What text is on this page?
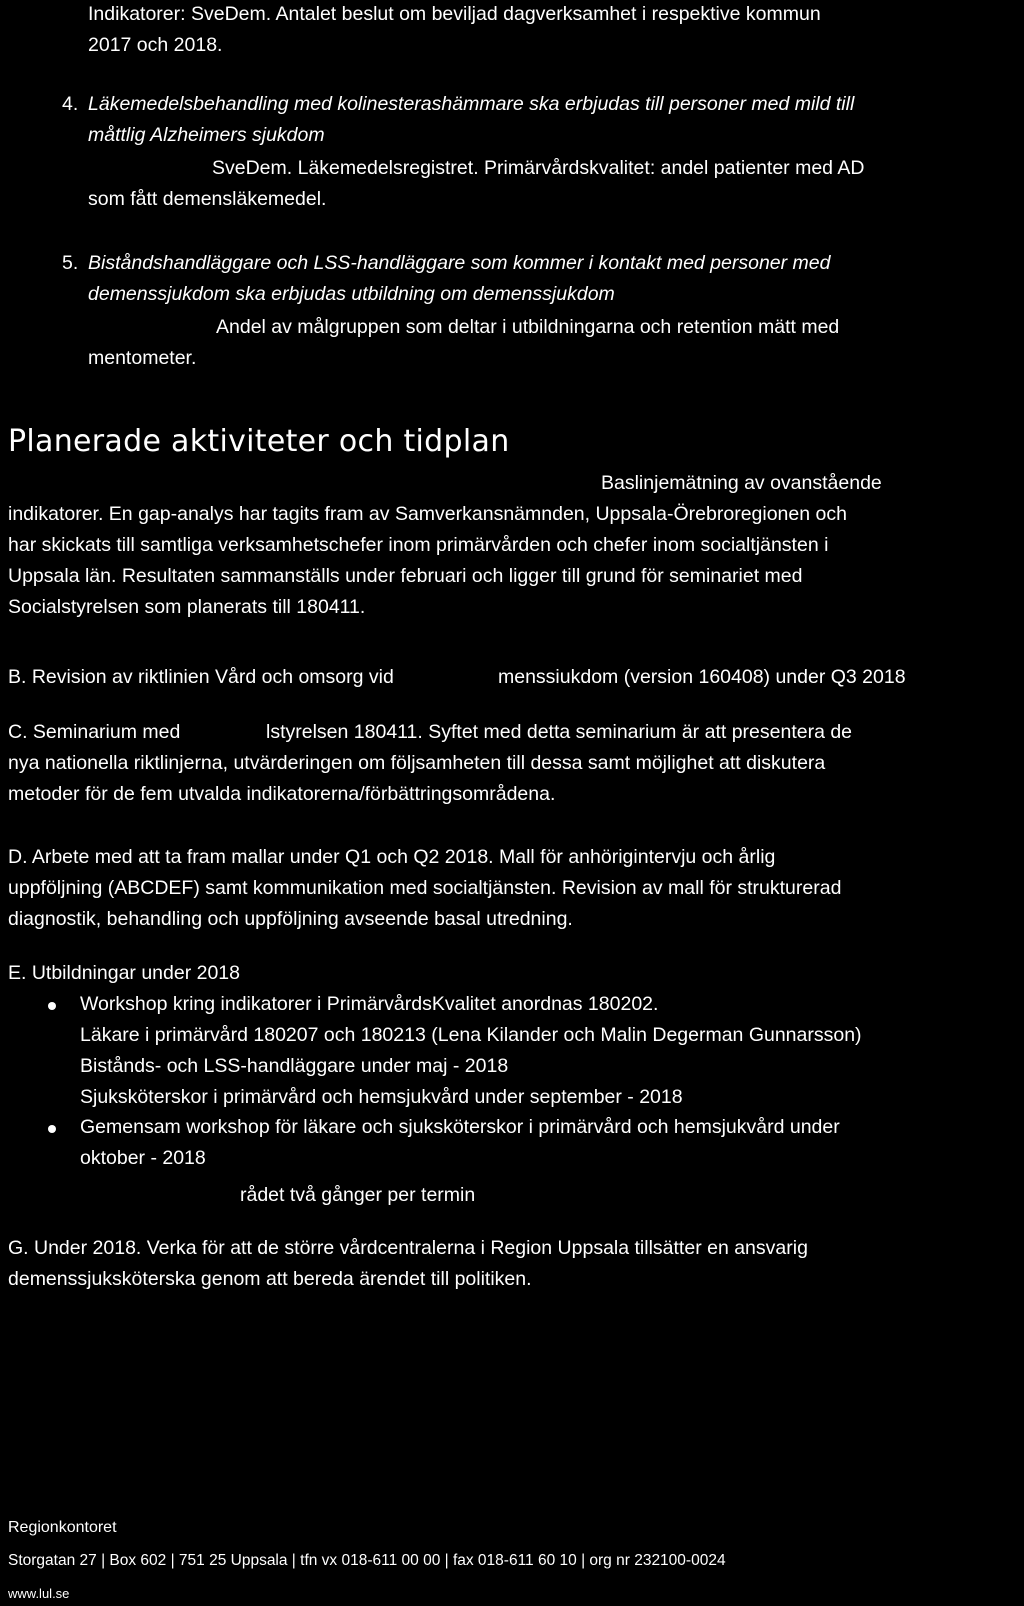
Indikatorer: SveDem. Antalet beslut om beviljad dagverksamhet i respektive kommun
2017 och 2018.
4. Läkemedelsbehandling med kolinesterashämmare ska erbjudas till personer med mild till
måttlig Alzheimers sjukdom
SveDem. Läkemedelsregistret. Primärvårdskvalitet: andel patienter med AD
som fått demensläkemedel.
5. Biståndshandläggare och LSS-handläggare som kommer i kontakt med personer med
demenssjukdom ska erbjudas utbildning om demenssjukdom
Andel av målgruppen som deltar i utbildningarna och retention mätt med
mentometer.
Planerade aktiviteter och tidplan
Baslinjemätning av ovanstående
indikatorer. En gap-analys har tagits fram av Samverkansnämnden, Uppsala-Örebroregionen och
har skickats till samtliga verksamhetschefer inom primärvården och chefer inom socialtjänsten i
Uppsala län. Resultaten sammanställs under februari och ligger till grund för seminariet med
Socialstyrelsen som planerats till 180411.
B. Revision av riktlinien Vård och omsorg vid	menssiukdom (version 160408) under Q3 2018
C. Seminarium med	lstyrelsen 180411. Syftet med detta seminarium är att presentera de
nya nationella riktlinjerna, utvärderingen om följsamheten till dessa samt möjlighet att diskutera
metoder för de fem utvalda indikatorerna/förbättringsområdena.
D. Arbete med att ta fram mallar under Q1 och Q2 2018. Mall för anhörigintervju och årlig
uppföljning (ABCDEF) samt kommunikation med socialtjänsten. Revision av mall för strukturerad
diagnostik, behandling och uppföljning avseende basal utredning.
E. Utbildningar under 2018
Workshop kring indikatorer i PrimärvårdsKvalitet anordnas 180202.
Läkare i primärvård 180207 och 180213 (Lena Kilander och Malin Degerman Gunnarsson)
Bistånds- och LSS-handläggare under maj - 2018
Sjuksköterskor i primärvård och hemsjukvård under september - 2018
Gemensam workshop för läkare och sjuksköterskor i primärvård och hemsjukvård under
oktober - 2018
rådet två gånger per termin
G. Under 2018. Verka för att de större vårdcentralerna i Region Uppsala tillsätter en ansvarig
demenssjuksköterska genom att bereda ärendet till politiken.
Regionkontoret
Storgatan 27 | Box 602 | 751 25 Uppsala | tfn vx 018-611 00 00 | fax 018-611 60 10 | org nr 232100-0024
www.lul.se
